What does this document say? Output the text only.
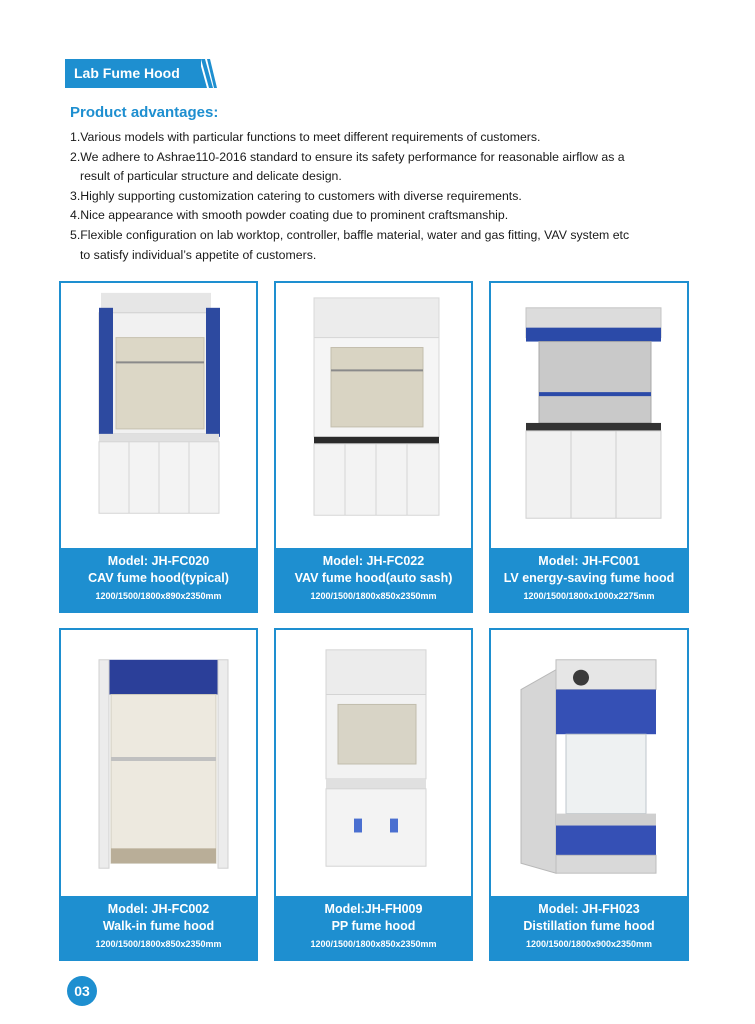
Lab Fume Hood
Product advantages:

1.Various models with particular functions to meet different requirements of customers.

2.We adhere to Ashrae110-2016 standard to ensure its safety performance for reasonable airflow as a
result of particular structure and delicate design.

3.Highly supporting customization catering to customers with diverse requirements.

4.Nice appearance with smooth powder coating due to prominent craftsmanship.

5.Flexible configuration on lab worktop, controller, baffle material, water and gas fitting, VAV system etc
to satisfy individual’s appetite of customers.

Model: JH-FC020
CAV fume hood(typical)
1200/1500/1800x890x2350mm
Model: JH-FC022
VAV fume hood(auto sash)
1200/1500/1800x850x2350mm
Model: JH-FC001
LV energy-saving fume hood
1200/1500/1800x1000x2275mm
Model: JH-FC002
Walk-in fume hood
1200/1500/1800x850x2350mm
Model:JH-FH009
PP fume hood
1200/1500/1800x850x2350mm
Model: JH-FH023
Distillation fume hood
1200/1500/1800x900x2350mm
03
